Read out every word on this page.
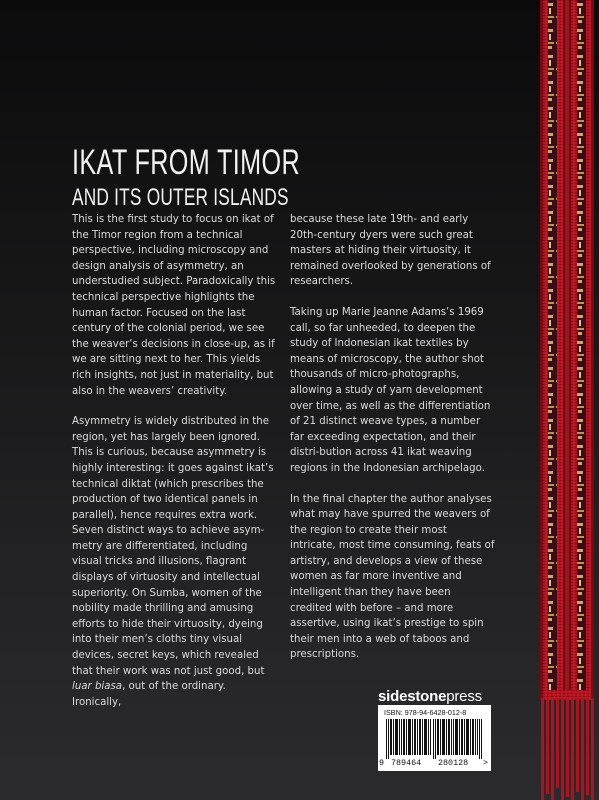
IKAT FROM TIMOR
AND ITS OUTER ISLANDS

This is the first study to focus on ikat of the Timor region from a technical perspective, including microscopy and design analysis of asymmetry, an understudied subject. Paradoxically this technical perspective highlights the human factor. Focused on the last century of the colonial period, we see the weaver’s decisions in close-up, as if we are sitting next to her. This yields rich insights, not just in materiality, but also in the weavers’ creativity.

Asymmetry is widely distributed in the region, yet has largely been ignored. This is curious, because asymmetry is highly interesting: it goes against ikat’s technical diktat (which prescribes the production of two identical panels in parallel), hence requires extra work. Seven distinct ways to achieve asym-metry are differentiated, including visual tricks and illusions, flagrant displays of virtuosity and intellectual superiority. On Sumba, women of the nobility made thrilling and amusing efforts to hide their virtuosity, dyeing into their men’s cloths tiny visual devices, secret keys, which revealed that their work was not just good, but luar biasa, out of the ordinary. Ironically,

because these late 19th- and early 20th-century dyers were such great masters at hiding their virtuosity, it remained overlooked by generations of researchers.

Taking up Marie Jeanne Adams’s 1969 call, so far unheeded, to deepen the study of Indonesian ikat textiles by means of microscopy, the author shot thousands of micro-photographs, allowing a study of yarn development over time, as well as the differentiation of 21 distinct weave types, a number far exceeding expectation, and their distri-bution across 41 ikat weaving regions in the Indonesian archipelago.

In the final chapter the author analyses what may have spurred the weavers of the region to create their most intricate, most time consuming, feats of artistry, and develops a view of these women as far more inventive and intelligent than they have been credited with before – and more assertive, using ikat’s prestige to spin their men into a web of taboos and prescriptions.

sidestonepress
ISBN: 978-94-6428-012-8
9 789464 280128 >
